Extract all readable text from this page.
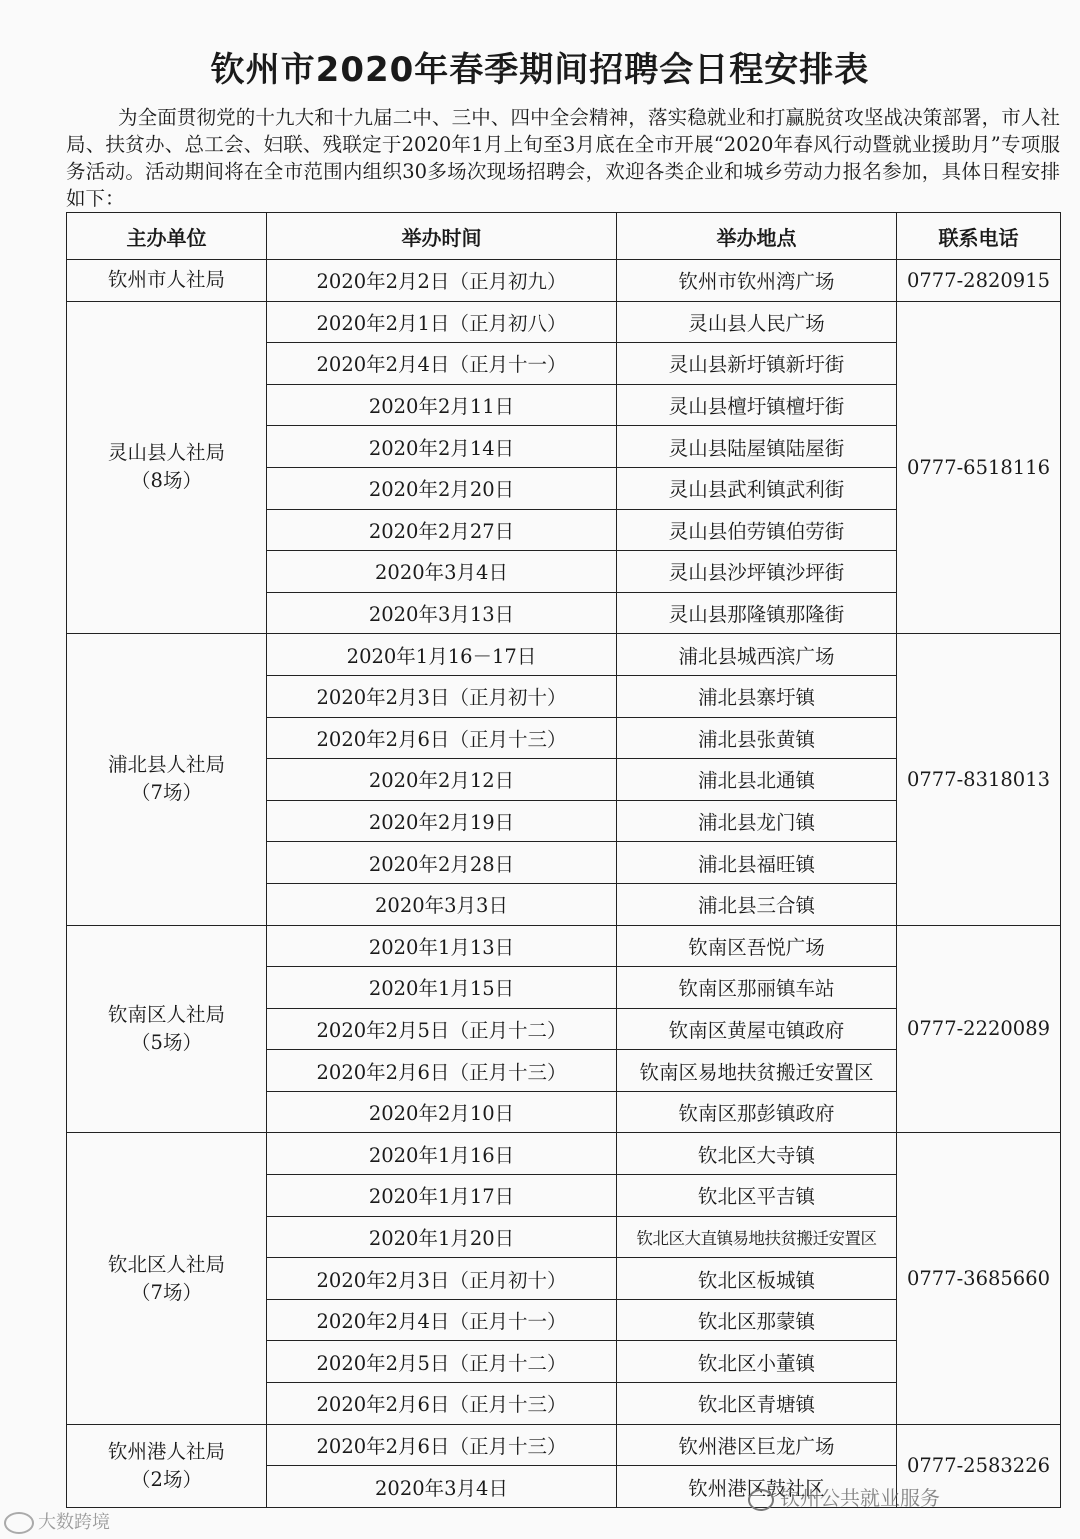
钦州市2020年春季期间招聘会日程安排表

为全面贯彻党的十九大和十九届二中、三中、四中全会精神，落实稳就业和打赢脱贫攻坚战决策部署，市人社局、扶贫办、总工会、妇联、残联定于2020年1月上旬至3月底在全市开展“2020年春风行动暨就业援助月”专项服务活动。活动期间将在全市范围内组织30多场次现场招聘会，欢迎各类企业和城乡劳动力报名参加，具体日程安排如下：

主办单位	举办时间	举办地点	联系电话

钦州市人社局	2020年2月2日（正月初九）	钦州市钦州湾广场	0777-2820915

灵山县人社局
（8场）	2020年2月1日（正月初八）	灵山县人民广场	0777-6518116
	2020年2月4日（正月十一）	灵山县新圩镇新圩街	
	2020年2月11日	灵山县檀圩镇檀圩街	
	2020年2月14日	灵山县陆屋镇陆屋街	
	2020年2月20日	灵山县武利镇武利街	
	2020年2月27日	灵山县伯劳镇伯劳街	
	2020年3月4日	灵山县沙坪镇沙坪街	
	2020年3月13日	灵山县那隆镇那隆街	

浦北县人社局
（7场）	2020年1月16－17日	浦北县城西滨广场	0777-8318013
	2020年2月3日（正月初十）	浦北县寨圩镇	
	2020年2月6日（正月十三）	浦北县张黄镇	
	2020年2月12日	浦北县北通镇	
	2020年2月19日	浦北县龙门镇	
	2020年2月28日	浦北县福旺镇	
	2020年3月3日	浦北县三合镇	

钦南区人社局
（5场）	2020年1月13日	钦南区吾悦广场	0777-2220089
	2020年1月15日	钦南区那丽镇车站	
	2020年2月5日（正月十二）	钦南区黄屋屯镇政府	
	2020年2月6日（正月十三）	钦南区易地扶贫搬迁安置区	
	2020年2月10日	钦南区那彭镇政府	

钦北区人社局
（7场）	2020年1月16日	钦北区大寺镇	0777-3685660
	2020年1月17日	钦北区平吉镇	
	2020年1月20日	钦北区大直镇易地扶贫搬迁安置区	
	2020年2月3日（正月初十）	钦北区板城镇	
	2020年2月4日（正月十一）	钦北区那蒙镇	
	2020年2月5日（正月十二）	钦北区小董镇	
	2020年2月6日（正月十三）	钦北区青塘镇	

钦州港人社局
（2场）	2020年2月6日（正月十三）	钦州港区巨龙广场	0777-2583226
	2020年3月4日	钦州港区鼓社区	
大数跨境
钦州公共就业服务
